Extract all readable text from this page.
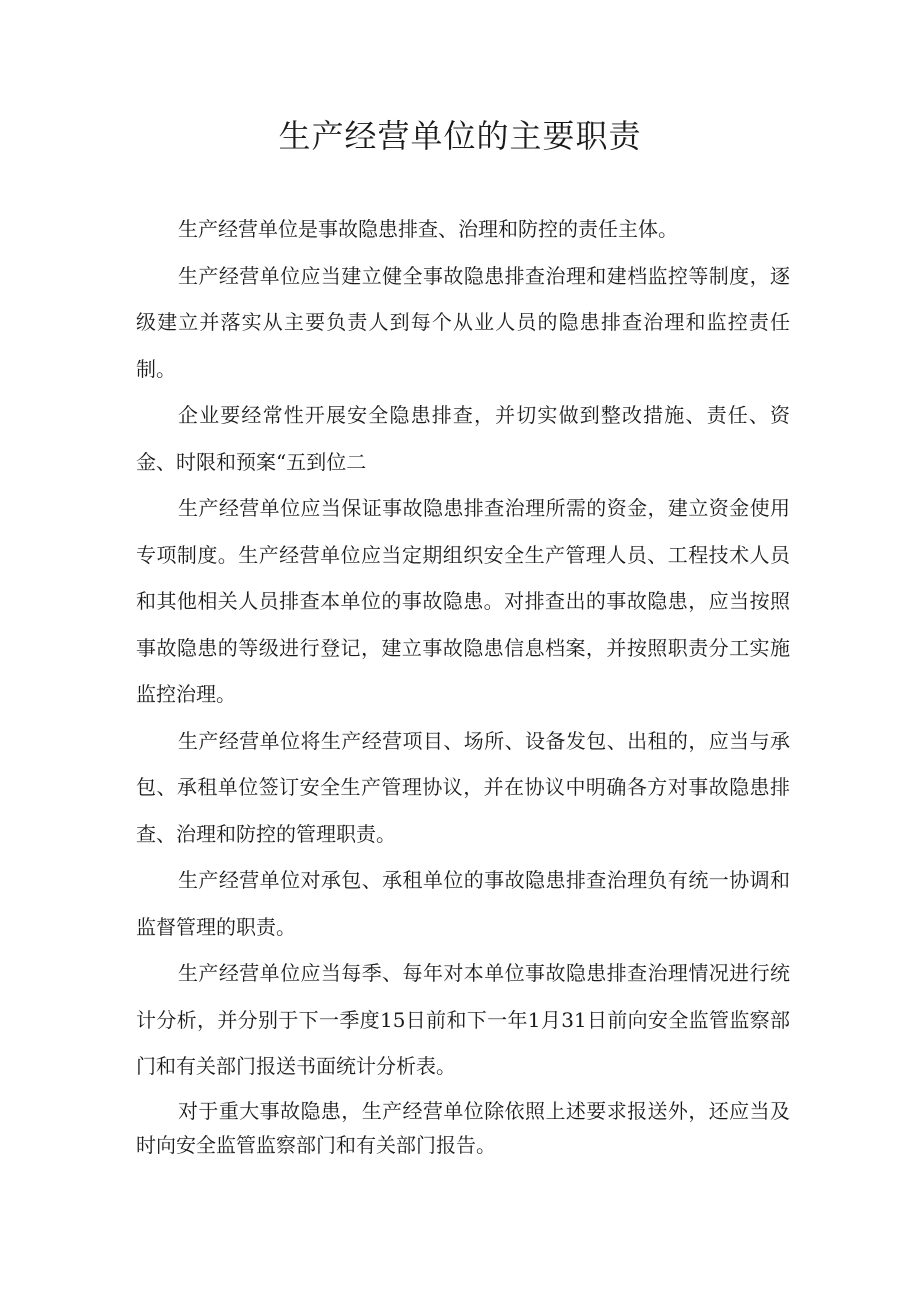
生产经营单位的主要职责

生产经营单位是事故隐患排查、治理和防控的责任主体。

生产经营单位应当建立健全事故隐患排查治理和建档监控等制度，逐级建立并落实从主要负责人到每个从业人员的隐患排查治理和监控责任制。

企业要经常性开展安全隐患排查，并切实做到整改措施、责任、资金、时限和预案“五到位二

生产经营单位应当保证事故隐患排查治理所需的资金，建立资金使用专项制度。生产经营单位应当定期组织安全生产管理人员、工程技术人员和其他相关人员排查本单位的事故隐患。对排查出的事故隐患，应当按照事故隐患的等级进行登记，建立事故隐患信息档案，并按照职责分工实施监控治理。

生产经营单位将生产经营项目、场所、设备发包、出租的，应当与承包、承租单位签订安全生产管理协议，并在协议中明确各方对事故隐患排查、治理和防控的管理职责。

生产经营单位对承包、承租单位的事故隐患排查治理负有统一协调和监督管理的职责。

生产经营单位应当每季、每年对本单位事故隐患排查治理情况进行统计分析，并分别于下一季度15日前和下一年1月31日前向安全监管监察部门和有关部门报送书面统计分析表。

对于重大事故隐患，生产经营单位除依照上述要求报送外，还应当及时向安全监管监察部门和有关部门报告。
